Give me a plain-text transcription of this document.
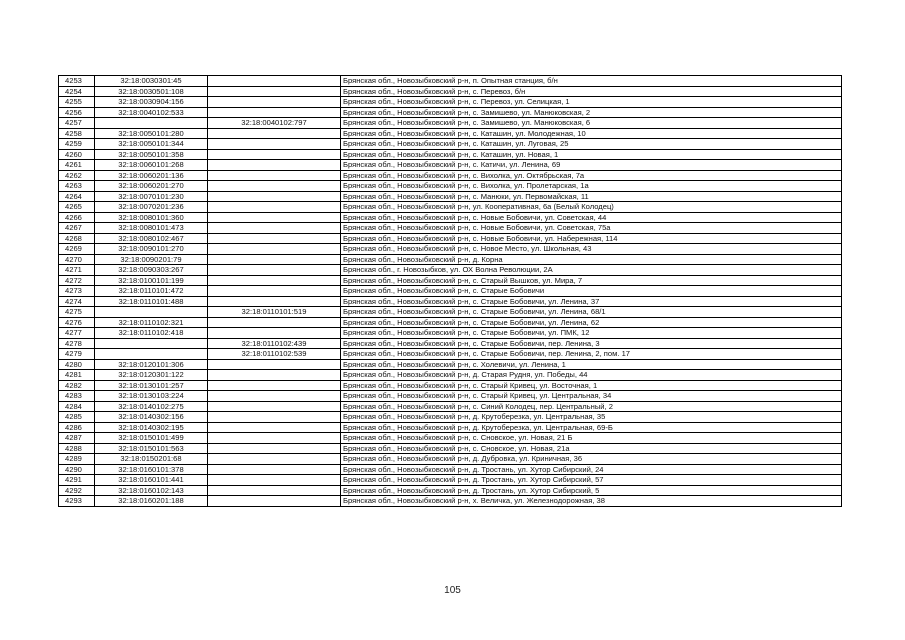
4253	32:18:0030301:45		Брянская обл., Новозыбковский р-н, п. Опытная станция, б/н
4254	32:18:0030501:108		Брянская обл., Новозыбковский р-н, с. Перевоз, б/н
4255	32:18:0030904:156		Брянская обл., Новозыбковский р-н, с. Перевоз, ул. Селицкая, 1
4256	32:18:0040102:533		Брянская обл., Новозыбковский р-н, с. Замишево, ул. Манюковская, 2
4257		32:18:0040102:797	Брянская обл., Новозыбковский р-н, с. Замишево, ул. Манюковская, 6
4258	32:18:0050101:280		Брянская обл., Новозыбковский р-н, с. Каташин, ул. Молодежная, 10
4259	32:18:0050101:344		Брянская обл., Новозыбковский р-н, с. Каташин, ул. Луговая, 25
4260	32:18:0050101:358		Брянская обл., Новозыбковский р-н, с. Каташин, ул. Новая, 1
4261	32:18:0060101:268		Брянская обл., Новозыбковский р-н, с. Катичи, ул. Ленина, 69
4262	32:18:0060201:136		Брянская обл., Новозыбковский р-н, с. Вихолка, ул. Октябрьская, 7а
4263	32:18:0060201:270		Брянская обл., Новозыбковский р-н, с. Вихолка, ул. Пролетарская, 1а
4264	32:18:0070101:230		Брянская обл., Новозыбковский р-н, с. Манюки, ул. Первомайская, 11
4265	32:18:0070201:236		Брянская обл., Новозыбковский р-н, ул. Кооперативная, 6а (Белый Колодец)
4266	32:18:0080101:360		Брянская обл., Новозыбковский р-н, с. Новые Бобовичи, ул. Советская, 44
4267	32:18:0080101:473		Брянская обл., Новозыбковский р-н, с. Новые Бобовичи, ул. Советская, 75а
4268	32:18:0080102:467		Брянская обл., Новозыбковский р-н, с. Новые Бобовичи, ул. Набережная, 114
4269	32:18:0090101:270		Брянская обл., Новозыбковский р-н, с. Новое Место, ул. Школьная, 43
4270	32:18:0090201:79		Брянская обл., Новозыбковский р-н, д. Корна
4271	32:18:0090303:267		Брянская обл., г. Новозыбков, ул. ОХ Волна Революции, 2А
4272	32:18:0100101:199		Брянская обл., Новозыбковский р-н, с. Старый Вышков, ул. Мира, 7
4273	32:18:0110101:472		Брянская обл., Новозыбковский р-н, с. Старые Бобовичи
4274	32:18:0110101:488		Брянская обл., Новозыбковский р-н, с. Старые Бобовичи, ул. Ленина, 37
4275		32:18:0110101:519	Брянская обл., Новозыбковский р-н, с. Старые Бобовичи, ул. Ленина, 68/1
4276	32:18:0110102:321		Брянская обл., Новозыбковский р-н, с. Старые Бобовичи, ул. Ленина, 62
4277	32:18:0110102:418		Брянская обл., Новозыбковский р-н, с. Старые Бобовичи, ул. ПМК, 12
4278		32:18:0110102:439	Брянская обл., Новозыбковский р-н, с. Старые Бобовичи, пер. Ленина, 3
4279		32:18:0110102:539	Брянская обл., Новозыбковский р-н, с. Старые Бобовичи, пер. Ленина, 2, пом. 17
4280	32:18:0120101:306		Брянская обл., Новозыбковский р-н, с. Холевичи, ул. Ленина, 1
4281	32:18:0120301:122		Брянская обл., Новозыбковский р-н, д. Старая Рудня, ул. Победы, 44
4282	32:18:0130101:257		Брянская обл., Новозыбковский р-н, с. Старый Кривец, ул. Восточная, 1
4283	32:18:0130103:224		Брянская обл., Новозыбковский р-н, с. Старый Кривец, ул. Центральная, 34
4284	32:18:0140102:275		Брянская обл., Новозыбковский р-н, с. Синий Колодец, пер. Центральный, 2
4285	32:18:0140302:156		Брянская обл., Новозыбковский р-н, д. Крутоберезка, ул. Центральная, 35
4286	32:18:0140302:195		Брянская обл., Новозыбковский р-н, д. Крутоберезка, ул. Центральная, 69-Б
4287	32:18:0150101:499		Брянская обл., Новозыбковский р-н, с. Сновское, ул. Новая, 21 Б
4288	32:18:0150101:563		Брянская обл., Новозыбковский р-н, с. Сновское, ул. Новая, 21а
4289	32:18:0150201:68		Брянская обл., Новозыбковский р-н, д. Дубровка, ул. Криничная, 36
4290	32:18:0160101:378		Брянская обл., Новозыбковский р-н, д. Тростань, ул. Хутор Сибирский, 24
4291	32:18:0160101:441		Брянская обл., Новозыбковский р-н, д. Тростань, ул. Хутор Сибирский, 57
4292	32:18:0160102:143		Брянская обл., Новозыбковский р-н, д. Тростань, ул. Хутор Сибирский, 5
4293	32:18:0160201:188		Брянская обл., Новозыбковский р-н, х. Величка, ул. Железнодорожная, 38
105
